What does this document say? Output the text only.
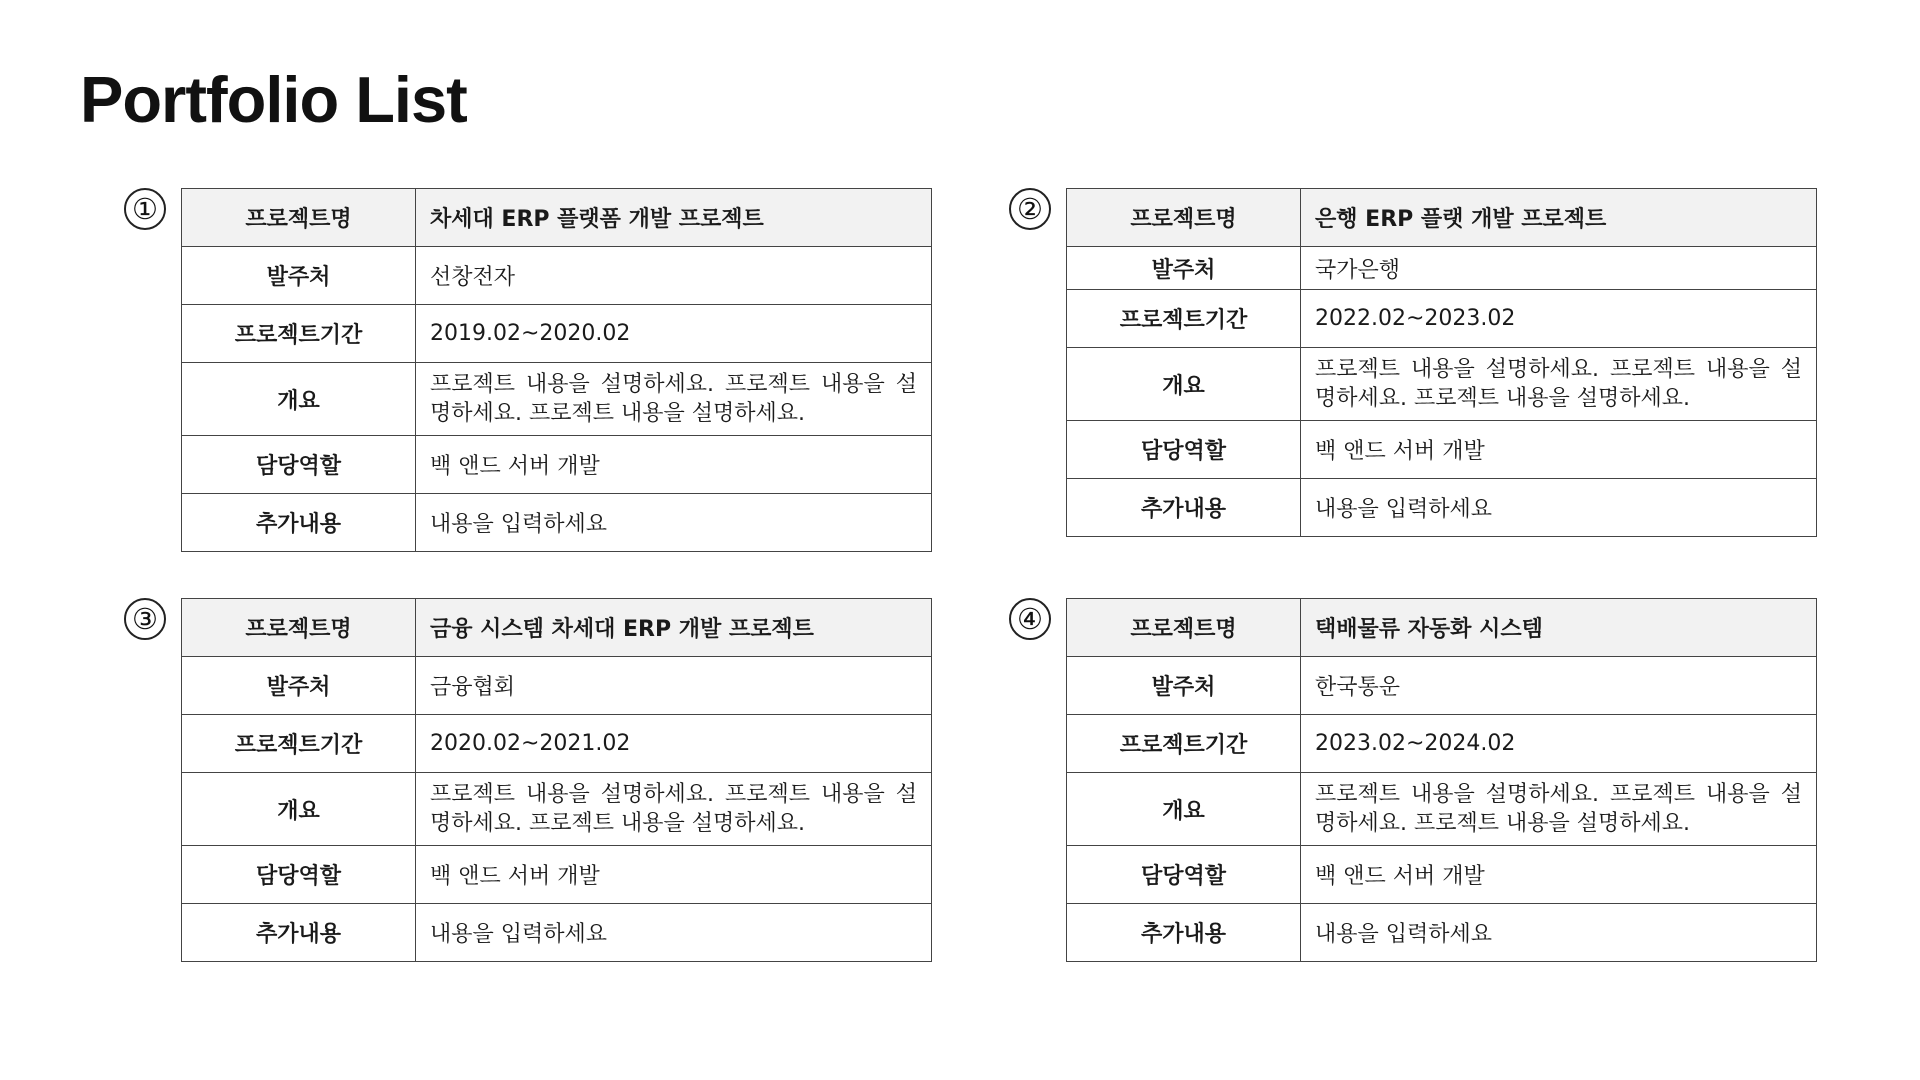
Portfolio List
①	프로젝트명	차세대 ERP 플랫폼 개발 프로젝트
발주처	선창전자
프로젝트기간	2019.02~2020.02
개요	프로젝트 내용을 설명하세요. 프로젝트 내용을 설명하세요. 프로젝트 내용을 설명하세요.
담당역할	백 앤드 서버 개발
추가내용	내용을 입력하세요
②	프로젝트명	은행 ERP 플랫 개발 프로젝트
발주처	국가은행
프로젝트기간	2022.02~2023.02
개요	프로젝트 내용을 설명하세요. 프로젝트 내용을 설명하세요. 프로젝트 내용을 설명하세요.
담당역할	백 앤드 서버 개발
추가내용	내용을 입력하세요
③	프로젝트명	금융 시스템 차세대 ERP 개발 프로젝트
발주처	금융협회
프로젝트기간	2020.02~2021.02
개요	프로젝트 내용을 설명하세요. 프로젝트 내용을 설명하세요. 프로젝트 내용을 설명하세요.
담당역할	백 앤드 서버 개발
추가내용	내용을 입력하세요
④	프로젝트명	택배물류 자동화 시스템
발주처	한국통운
프로젝트기간	2023.02~2024.02
개요	프로젝트 내용을 설명하세요. 프로젝트 내용을 설명하세요. 프로젝트 내용을 설명하세요.
담당역할	백 앤드 서버 개발
추가내용	내용을 입력하세요
